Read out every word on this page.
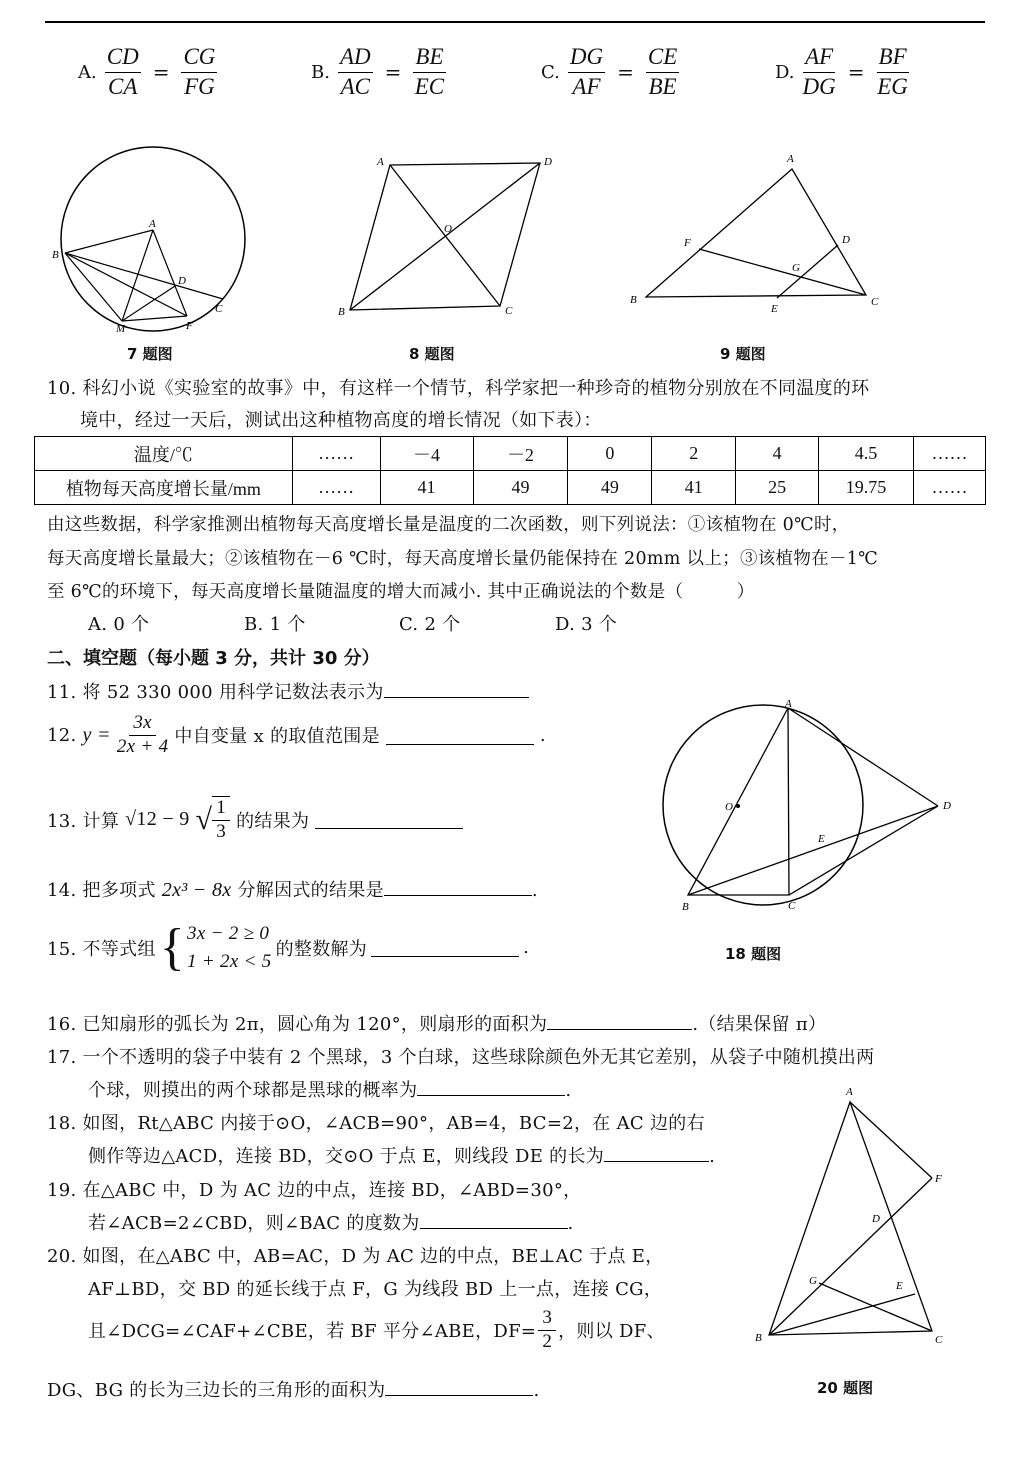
A. $\frac{CD}{CA} = \frac{CG}{FG}$	B. $\frac{AD}{AC} = \frac{BE}{EC}$	C. $\frac{DG}{AF} = \frac{CE}{BE}$	D. $\frac{AF}{DG} = \frac{BF}{EG}$
A
B
C
D
M	F
7 题图
A	D
B	C
O
8 题图
A
B	C
D
E
F
G
9 题图
10. 科幻小说《实验室的故事》中，有这样一个情节，科学家把一种珍奇的植物分别放在不同温度的环
境中，经过一天后，测试出这种植物高度的增长情况（如下表）：
温度/℃	……	－4	－2	0	2	4	4.5	……
植物每天高度增长量/mm	……	41	49	49	41	25	19.75	……
由这些数据，科学家推测出植物每天高度增长量是温度的二次函数，则下列说法：①该植物在 0℃时，
每天高度增长量最大；②该植物在－6 ℃时，每天高度增长量仍能保持在 20mm 以上；③该植物在－1℃
至 6℃的环境下，每天高度增长量随温度的增大而减小. 其中正确说法的个数是（　　　）
A. 0 个	B. 1 个	C. 2 个	D. 3 个
二、填空题（每小题 3 分，共计 30 分）
11. 将 52 330 000 用科学记数法表示为
12. $y = \frac{3x}{2x + 4}$ 中自变量 x 的取值范围是	.
13. 计算 √12 − 9 √ 1
3 的结果为
14. 把多项式 2x³ − 8x 分解因式的结果是	.
15. 不等式组 { 3x − 2 ≥ 0
1 + 2x < 5
的整数解为	.
A
B	C
D
E
O
18 题图
16. 已知扇形的弧长为 2π，圆心角为 120°，则扇形的面积为	.（结果保留 π）
17. 一个不透明的袋子中装有 2 个黑球，3 个白球，这些球除颜色外无其它差别，从袋子中随机摸出两
个球，则摸出的两个球都是黑球的概率为	.
18. 如图，Rt△ABC 内接于⊙O，∠ACB=90°，AB=4，BC=2，在 AC 边的右
侧作等边△ACD，连接 BD，交⊙O 于点 E，则线段 DE 的长为	.
19. 在△ABC 中，D 为 AC 边的中点，连接 BD，∠ABD=30°，
若∠ACB=2∠CBD，则∠BAC 的度数为	.
20. 如图，在△ABC 中，AB=AC，D 为 AC 边的中点，BE⊥AC 于点 E，
AF⊥BD，交 BD 的延长线于点 F，G 为线段 BD 上一点，连接 CG，
且∠DCG=∠CAF+∠CBE，若 BF 平分∠ABE，$DF= \frac{3}{2}$ ，则以 DF、
DG、BG 的长为三边长的三角形的面积为	.
A
B	C
D
E
F
G
20 题图
